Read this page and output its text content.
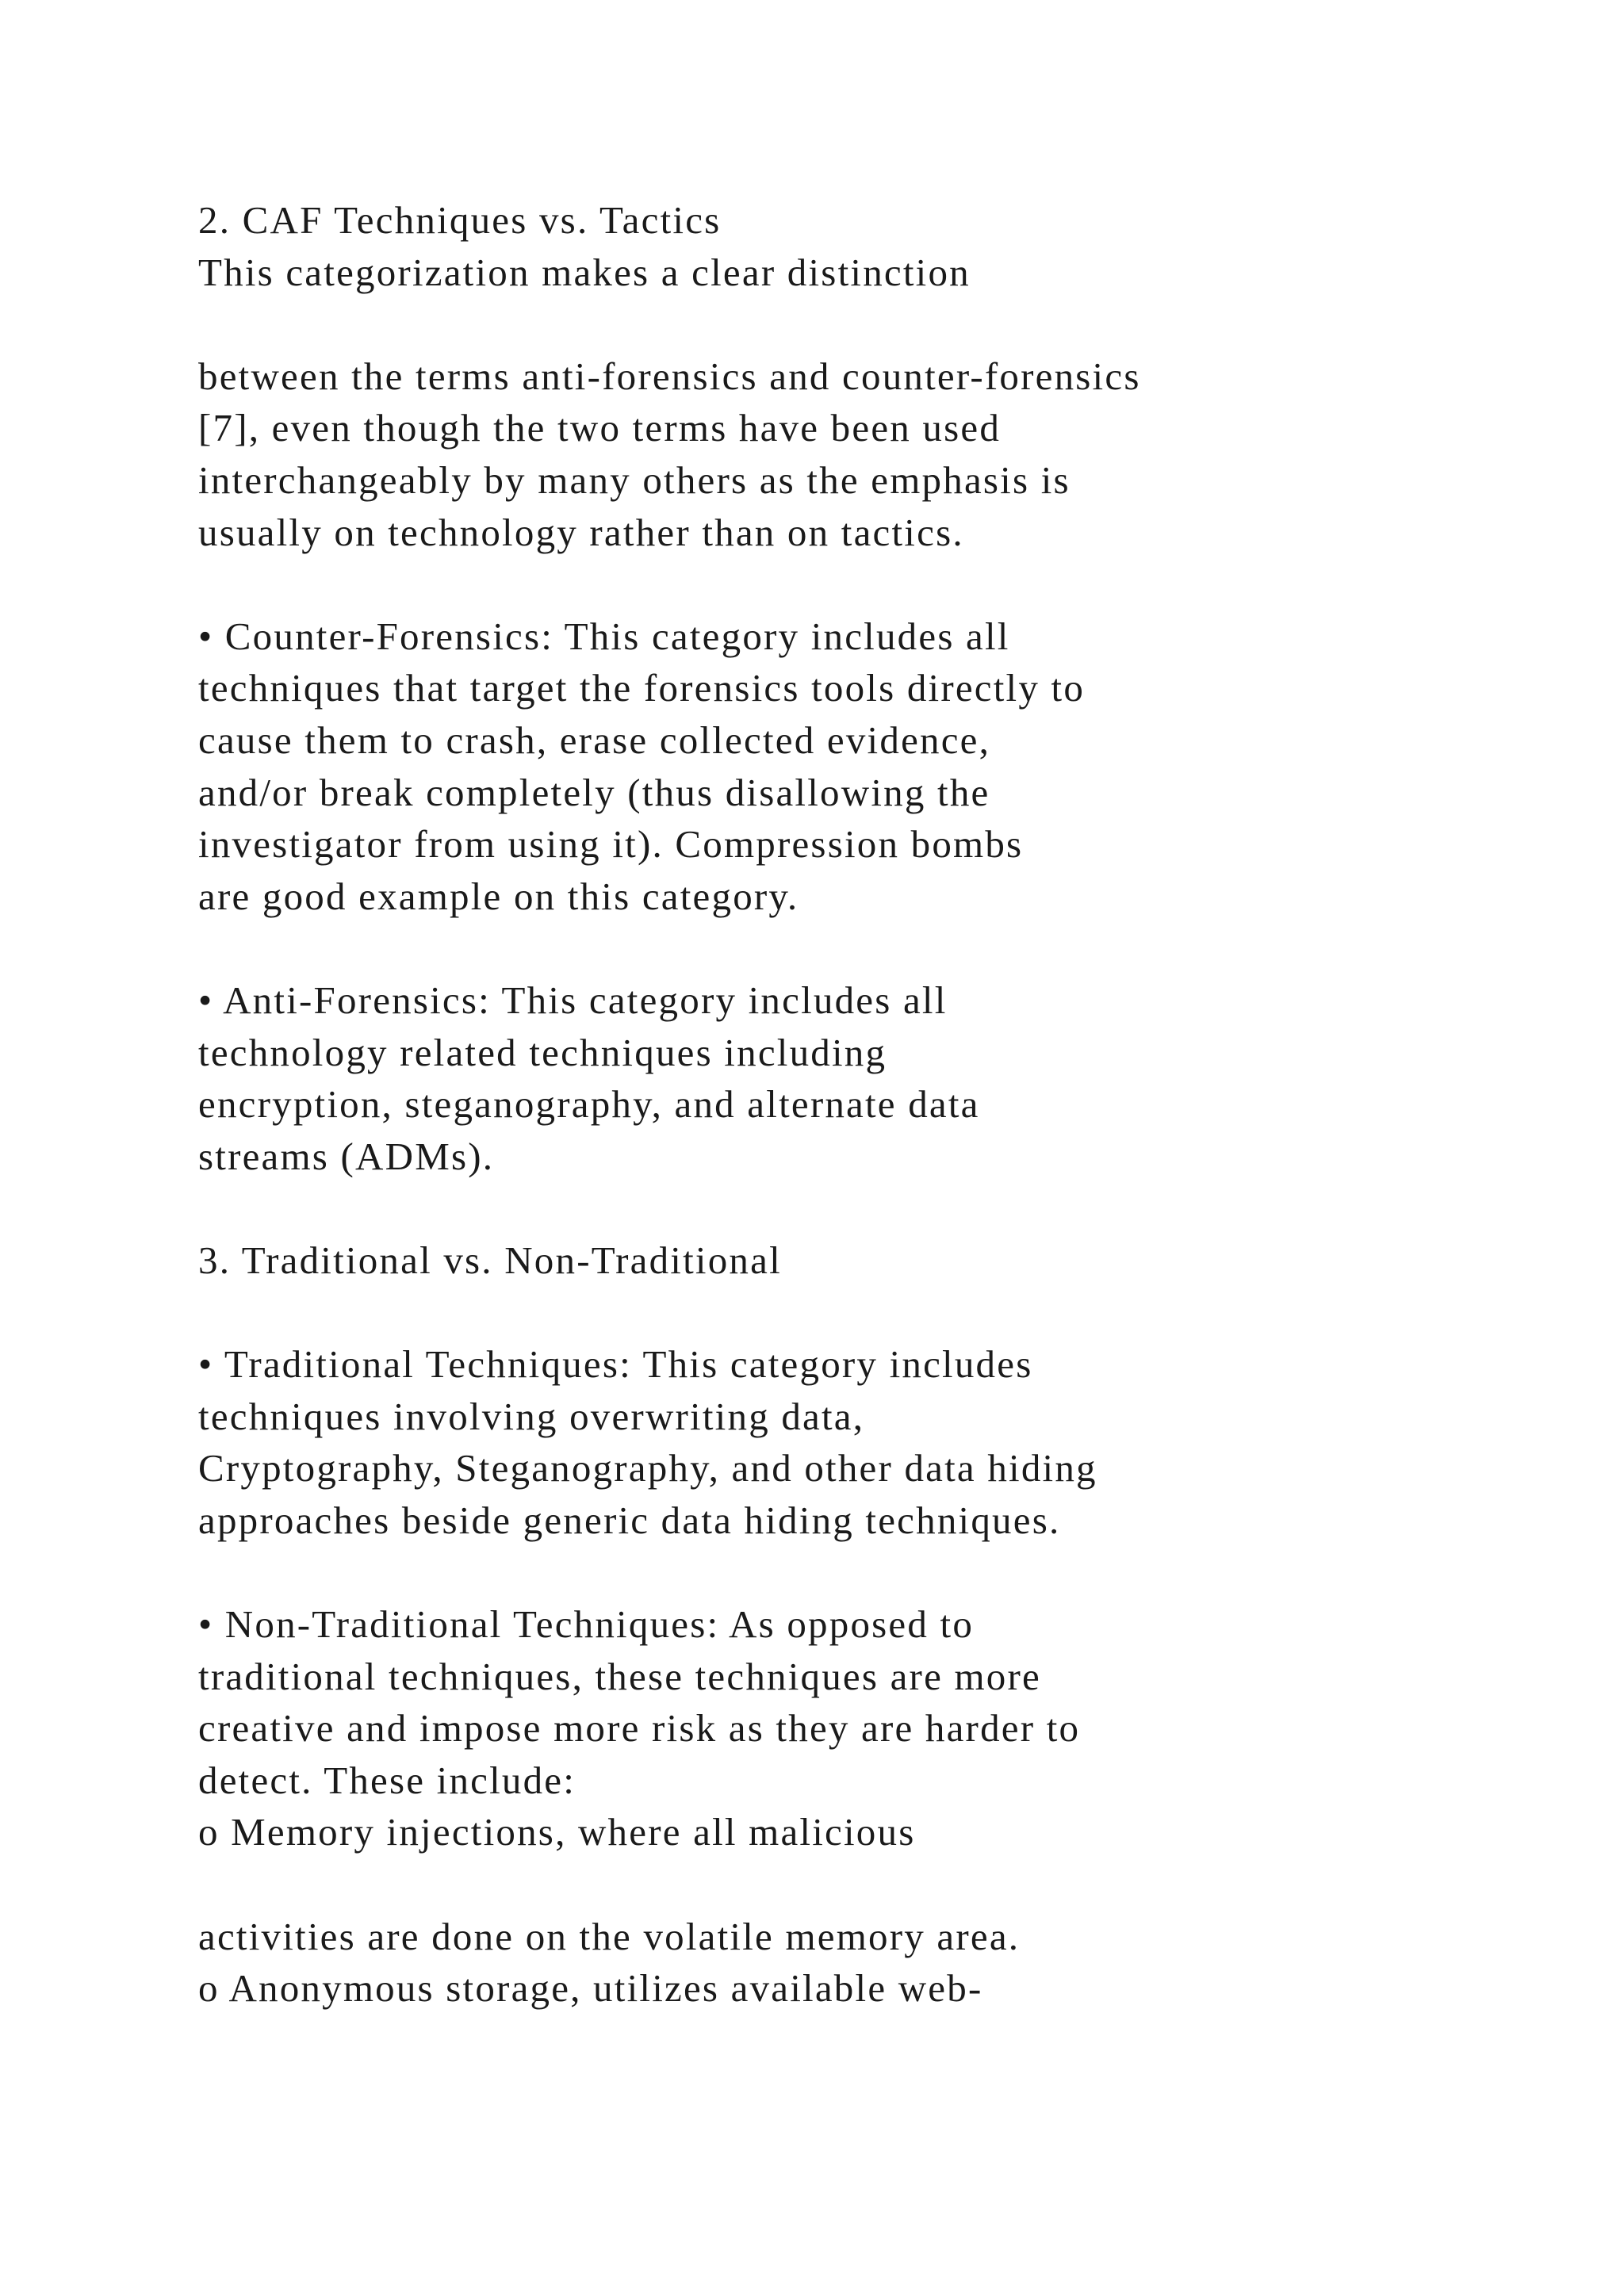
2. CAF Techniques vs. Tactics
This categorization makes a clear distinction
between the terms anti-forensics and counter-forensics
[7], even though the two terms have been used
interchangeably by many others as the emphasis is
usually on technology rather than on tactics.
• Counter-Forensics: This category includes all
techniques that target the forensics tools directly to
cause them to crash, erase collected evidence,
and/or break completely (thus disallowing the
investigator from using it). Compression bombs
are good example on this category.
• Anti-Forensics: This category includes all
technology related techniques including
encryption, steganography, and alternate data
streams (ADMs).
3. Traditional vs. Non-Traditional
• Traditional Techniques: This category includes
techniques involving overwriting data,
Cryptography, Steganography, and other data hiding
approaches beside generic data hiding techniques.
• Non-Traditional Techniques: As opposed to
traditional techniques, these techniques are more
creative and impose more risk as they are harder to
detect. These include:
o Memory injections, where all malicious
activities are done on the volatile memory area.
o Anonymous storage, utilizes available web-
